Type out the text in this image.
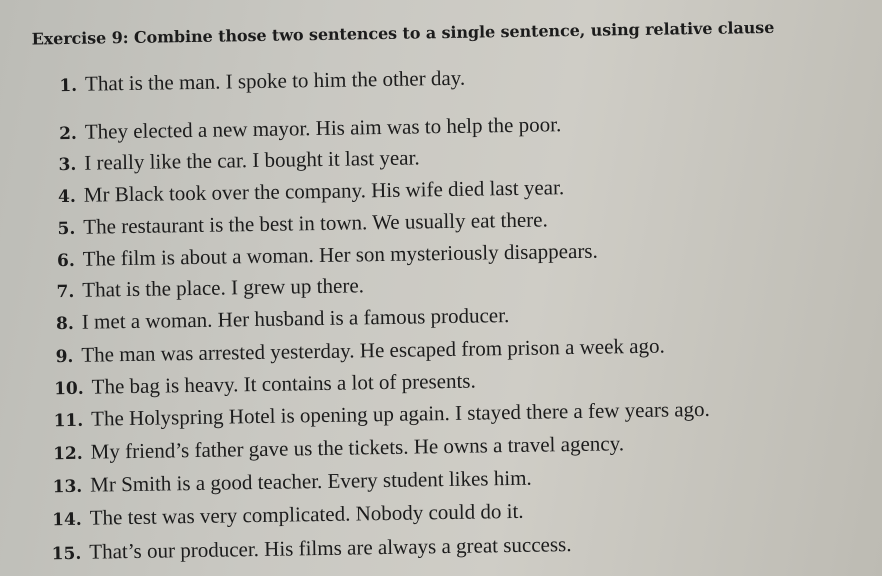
Exercise 9: Combine those two sentences to a single sentence, using relative clause
1. That is the man. I spoke to him the other day.
2. They elected a new mayor. His aim was to help the poor.
3. I really like the car. I bought it last year.
4. Mr Black took over the company. His wife died last year.
5. The restaurant is the best in town. We usually eat there.
6. The film is about a woman. Her son mysteriously disappears.
7. That is the place. I grew up there.
8. I met a woman. Her husband is a famous producer.
9. The man was arrested yesterday. He escaped from prison a week ago.
10. The bag is heavy. It contains a lot of presents.
11. The Holyspring Hotel is opening up again. I stayed there a few years ago.
12. My friend’s father gave us the tickets. He owns a travel agency.
13. Mr Smith is a good teacher. Every student likes him.
14. The test was very complicated. Nobody could do it.
15. That’s our producer. His films are always a great success.
